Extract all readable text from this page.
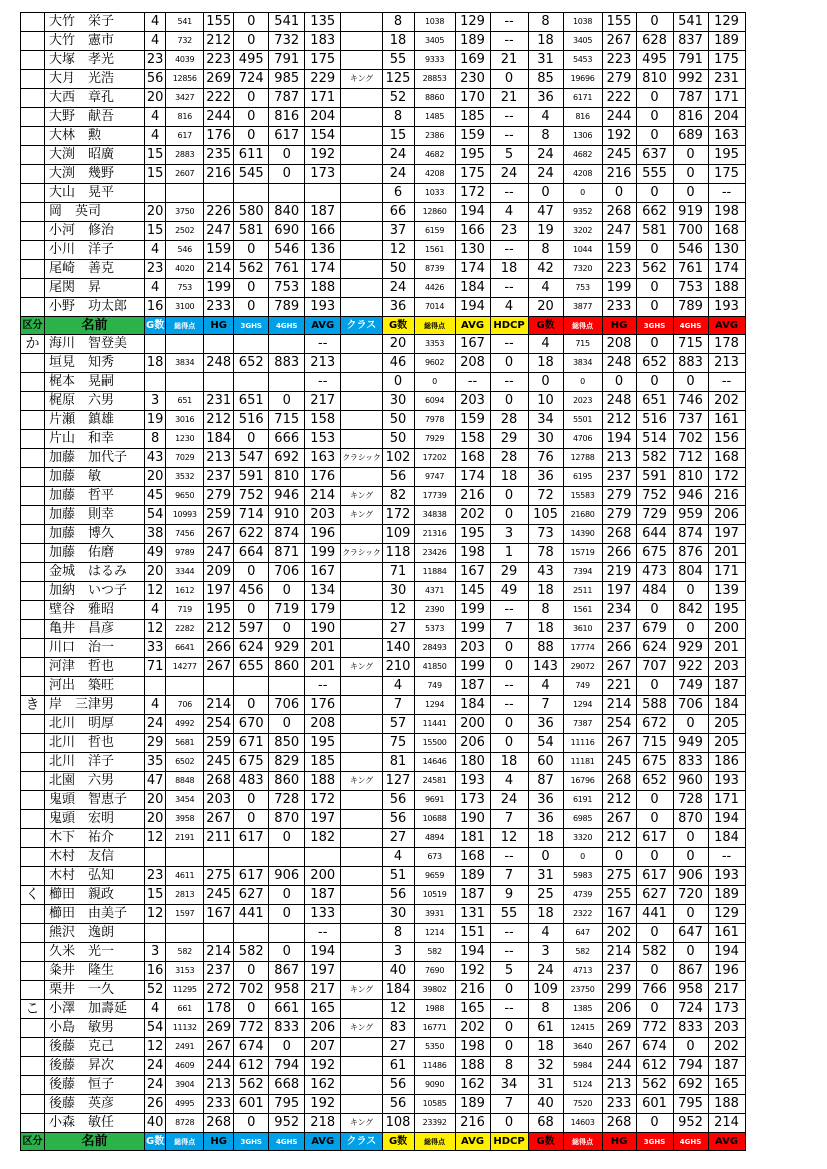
	大竹　栄子	4	541	155	0	541	135		8	1038	129	--	8	1038	155	0	541	129
	大竹　憲市	4	732	212	0	732	183		18	3405	189	--	18	3405	267	628	837	189
	大塚　孝光	23	4039	223	495	791	175		55	9333	169	21	31	5453	223	495	791	175
	大月　光浩	56	12856	269	724	985	229	キング	125	28853	230	0	85	19696	279	810	992	231
	大西　章孔	20	3427	222	0	787	171		52	8860	170	21	36	6171	222	0	787	171
	大野　献吾	4	816	244	0	816	204		8	1485	185	--	4	816	244	0	816	204
	大林　勲	4	617	176	0	617	154		15	2386	159	--	8	1306	192	0	689	163
	大渕　昭廣	15	2883	235	611	0	192		24	4682	195	5	24	4682	245	637	0	195
	大渕　幾野	15	2607	216	545	0	173		24	4208	175	24	24	4208	216	555	0	175
	大山　晃平								6	1033	172	--	0	0	0	0	0	--
	岡　英司	20	3750	226	580	840	187		66	12860	194	4	47	9352	268	662	919	198
	小河　修治	15	2502	247	581	690	166		37	6159	166	23	19	3202	247	581	700	168
	小川　洋子	4	546	159	0	546	136		12	1561	130	--	8	1044	159	0	546	130
	尾崎　善克	23	4020	214	562	761	174		50	8739	174	18	42	7320	223	562	761	174
	尾関　昇	4	753	199	0	753	188		24	4426	184	--	4	753	199	0	753	188
	小野　功太郎	16	3100	233	0	789	193		36	7014	194	4	20	3877	233	0	789	193
区分	名前	G数	総得点	HG	3GHS	4GHS	AVG	クラス	G数	総得点	AVG	HDCP	G数	総得点	HG	3GHS	4GHS	AVG
か	海川　智登美						--		20	3353	167	--	4	715	208	0	715	178
	垣見　知秀	18	3834	248	652	883	213		46	9602	208	0	18	3834	248	652	883	213
	梶本　晃嗣						--		0	0	--	--	0	0	0	0	0	--
	梶原　六男	3	651	231	651	0	217		30	6094	203	0	10	2023	248	651	746	202
	片瀬　鎮雄	19	3016	212	516	715	158		50	7978	159	28	34	5501	212	516	737	161
	片山　和幸	8	1230	184	0	666	153		50	7929	158	29	30	4706	194	514	702	156
	加藤　加代子	43	7029	213	547	692	163	クラシック	102	17202	168	28	76	12788	213	582	712	168
	加藤　敏	20	3532	237	591	810	176		56	9747	174	18	36	6195	237	591	810	172
	加藤　哲平	45	9650	279	752	946	214	キング	82	17739	216	0	72	15583	279	752	946	216
	加藤　則幸	54	10993	259	714	910	203	キング	172	34838	202	0	105	21680	279	729	959	206
	加藤　博久	38	7456	267	622	874	196		109	21316	195	3	73	14390	268	644	874	197
	加藤　佑磨	49	9789	247	664	871	199	クラシック	118	23426	198	1	78	15719	266	675	876	201
	金城　はるみ	20	3344	209	0	706	167		71	11884	167	29	43	7394	219	473	804	171
	加納　いつ子	12	1612	197	456	0	134		30	4371	145	49	18	2511	197	484	0	139
	壁谷　雅昭	4	719	195	0	719	179		12	2390	199	--	8	1561	234	0	842	195
	亀井　昌彦	12	2282	212	597	0	190		27	5373	199	7	18	3610	237	679	0	200
	川口　治一	33	6641	266	624	929	201		140	28493	203	0	88	17774	266	624	929	201
	河津　哲也	71	14277	267	655	860	201	キング	210	41850	199	0	143	29072	267	707	922	203
	河出　築旺						--		4	749	187	--	4	749	221	0	749	187
き	岸　三津男	4	706	214	0	706	176		7	1294	184	--	7	1294	214	588	706	184
	北川　明厚	24	4992	254	670	0	208		57	11441	200	0	36	7387	254	672	0	205
	北川　哲也	29	5681	259	671	850	195		75	15500	206	0	54	11116	267	715	949	205
	北川　洋子	35	6502	245	675	829	185		81	14646	180	18	60	11181	245	675	833	186
	北園　六男	47	8848	268	483	860	188	キング	127	24581	193	4	87	16796	268	652	960	193
	鬼頭　智恵子	20	3454	203	0	728	172		56	9691	173	24	36	6191	212	0	728	171
	鬼頭　宏明	20	3958	267	0	870	197		56	10688	190	7	36	6985	267	0	870	194
	木下　祐介	12	2191	211	617	0	182		27	4894	181	12	18	3320	212	617	0	184
	木村　友信								4	673	168	--	0	0	0	0	0	--
	木村　弘知	23	4611	275	617	906	200		51	9659	189	7	31	5983	275	617	906	193
く	櫛田　親政	15	2813	245	627	0	187		56	10519	187	9	25	4739	255	627	720	189
	櫛田　由美子	12	1597	167	441	0	133		30	3931	131	55	18	2322	167	441	0	129
	熊沢　逸朗						--		8	1214	151	--	4	647	202	0	647	161
	久米　光一	3	582	214	582	0	194		3	582	194	--	3	582	214	582	0	194
	粂井　隆生	16	3153	237	0	867	197		40	7690	192	5	24	4713	237	0	867	196
	栗井　一久	52	11295	272	702	958	217	キング	184	39802	216	0	109	23750	299	766	958	217
こ	小澤　加壽延	4	661	178	0	661	165		12	1988	165	--	8	1385	206	0	724	173
	小島　敏男	54	11132	269	772	833	206	キング	83	16771	202	0	61	12415	269	772	833	203
	後藤　克己	12	2491	267	674	0	207		27	5350	198	0	18	3640	267	674	0	202
	後藤　昇次	24	4609	244	612	794	192		61	11486	188	8	32	5984	244	612	794	187
	後藤　恒子	24	3904	213	562	668	162		56	9090	162	34	31	5124	213	562	692	165
	後藤　英彦	26	4995	233	601	795	192		56	10585	189	7	40	7520	233	601	795	188
	小森　敏任	40	8728	268	0	952	218	キング	108	23392	216	0	68	14603	268	0	952	214
区分	名前	G数	総得点	HG	3GHS	4GHS	AVG	クラス	G数	総得点	AVG	HDCP	G数	総得点	HG	3GHS	4GHS	AVG
